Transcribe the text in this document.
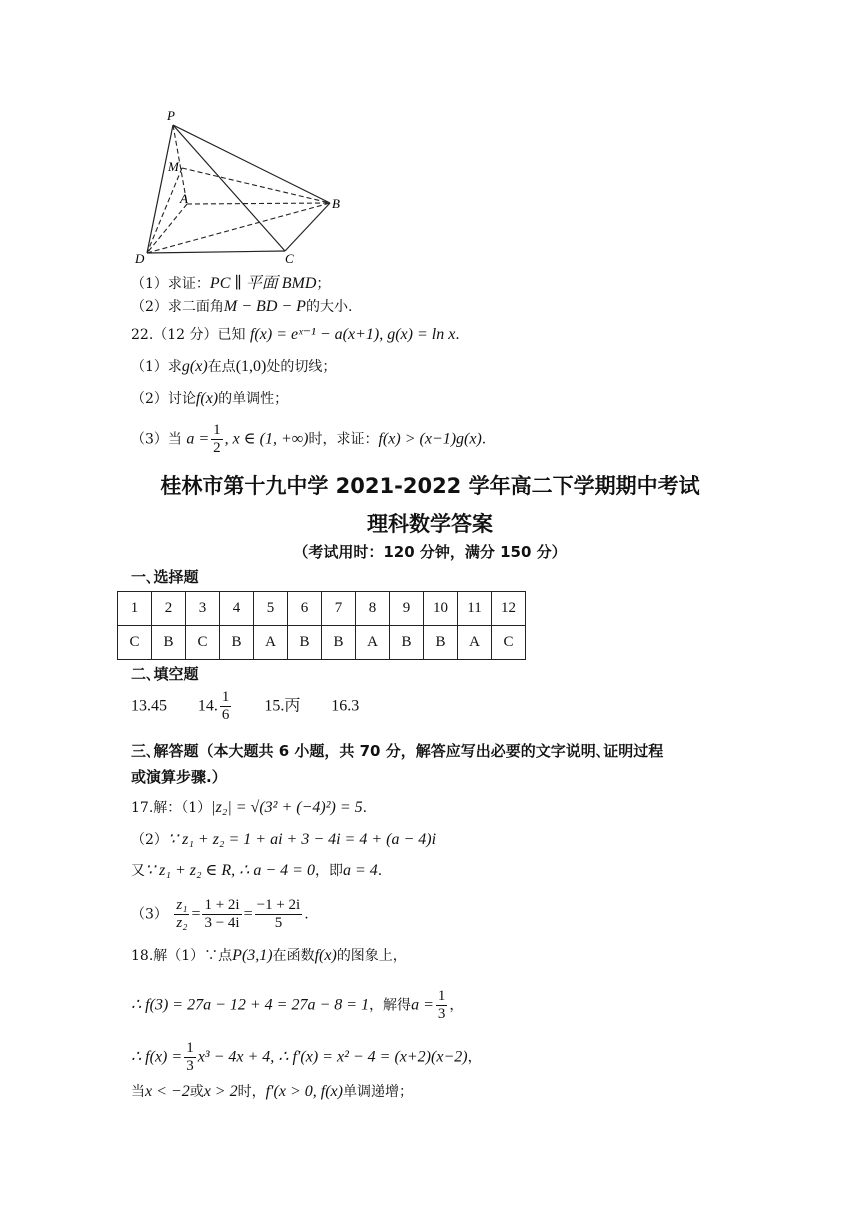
P
M
A	B
C
D
（1）求证：PC ∥ 平面 BMD；
（2）求二面角M − BD − P的大小.
22.（12 分）已知 f(x) = eˣ⁻¹ − a(x+1), g(x) = ln x.
（1）求g(x)在点(1,0)处的切线；
（2）讨论f(x)的单调性；
（3）当 $a = \frac{1}{2}$ , x ∈ (1, +∞)时，求证：f(x) > (x−1)g(x).
桂林市第十九中学 2021-2022 学年高二下学期期中考试
理科数学答案
（考试用时：120 分钟，满分 150 分）
一､选择题
1	2	3	4	5	6	7	8	9	10	11	12
C	B	C	B	A	B	B	A	B	B	A	C
二､填空题
13.45 14. $\frac{1}{6} 15$.丙 16.3
三､解答题（本大题共 6 小题，共 70 分，解答应写出必要的文字说明､证明过程
或演算步骤.）
17.解：（1）|z₂| = √(3² + (−4)²) = 5.
（2）∵ z₁ + z₂ = 1 + ai + 3 − 4i = 4 + (a − 4)i
又∵ z₁ + z₂ ∈ R, ∴ a − 4 = 0，即a = 4.
$(3) \frac{\text{z₁}}{\text{z₂}} = \frac{1 + 2i}{3 - 4i} = \frac{-1 + 2i}{5}$ .
18.解（1）∵点P(3,1)在函数f(x)的图象上，
∴ f(3) = 27a − 12 + 4 = 27a − 8 = 1，解得$a = \frac{1}{3}$ ，
∴ $f(x) = \frac{1}{3} x^3 - 4x + 4$, ∴ f′(x) = x² − 4 = (x+2)(x−2)，
当x < −2或x > 2时，f′(x > 0, f(x)单调递增；
